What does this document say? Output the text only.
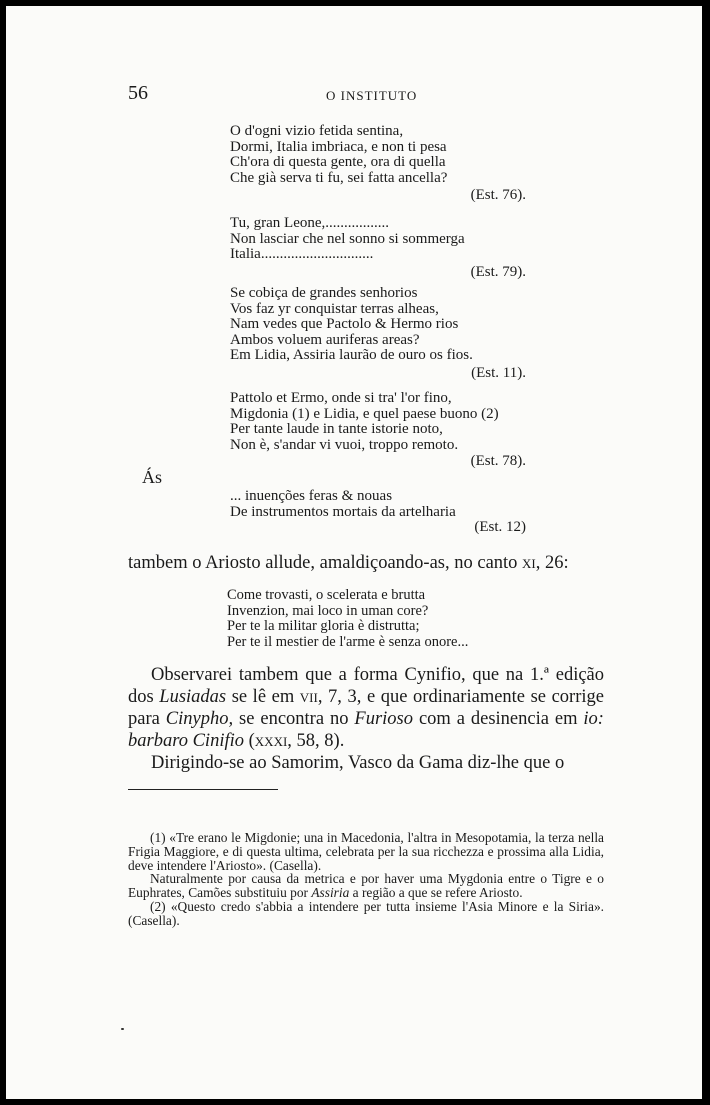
56	O INSTITUTO
O d'ogni vizio fetida sentina,
Dormi, Italia imbriaca, e non ti pesa
Ch'ora di questa gente, ora di quella
Che già serva ti fu, sei fatta ancella?
(Est. 76).
Tu, gran Leone,.................
Non lasciar che nel sonno si sommerga
Italia..............................
(Est. 79).
Se cobiça de grandes senhorios
Vos faz yr conquistar terras alheas,
Nam vedes que Pactolo & Hermo rios
Ambos voluem auriferas areas?
Em Lidia, Assiria laurão de ouro os fios.
(Est. 11).
Pattolo et Ermo, onde si tra' l'or fino,
Migdonia (1) e Lidia, e quel paese buono (2)
Per tante laude in tante istorie noto,
Non è, s'andar vi vuoi, troppo remoto.
(Est. 78).
Ás
... inuenções feras & nouas
De instrumentos mortais da artelharia
(Est. 12)

tambem o Ariosto allude, amaldiçoando-as, no canto xi, 26:

Come trovasti, o scelerata e brutta
Invenzion, mai loco in uman core?
Per te la militar gloria è distrutta;
Per te il mestier de l'arme è senza onore...

Observarei tambem que a forma Cynifio, que na 1.ª edição dos Lusiadas se lê em vii, 7, 3, e que ordinariamente se corrige para Cinypho, se encontra no Furioso com a desinencia em io: barbaro Cinifio (xxxi, 58, 8).

Dirigindo-se ao Samorim, Vasco da Gama diz-lhe que o

(1) «Tre erano le Migdonie; una in Macedonia, l'altra in Mesopotamia, la terza nella Frigia Maggiore, e di questa ultima, celebrata per la sua ricchezza e prossima alla Lidia, deve intendere l'Ariosto». (Casella).

Naturalmente por causa da metrica e por haver uma Mygdonia entre o Tigre e o Euphrates, Camões substituiu por Assiria a região a que se refere Ariosto.

(2) «Questo credo s'abbia a intendere per tutta insieme l'Asia Minore e la Siria». (Casella).
